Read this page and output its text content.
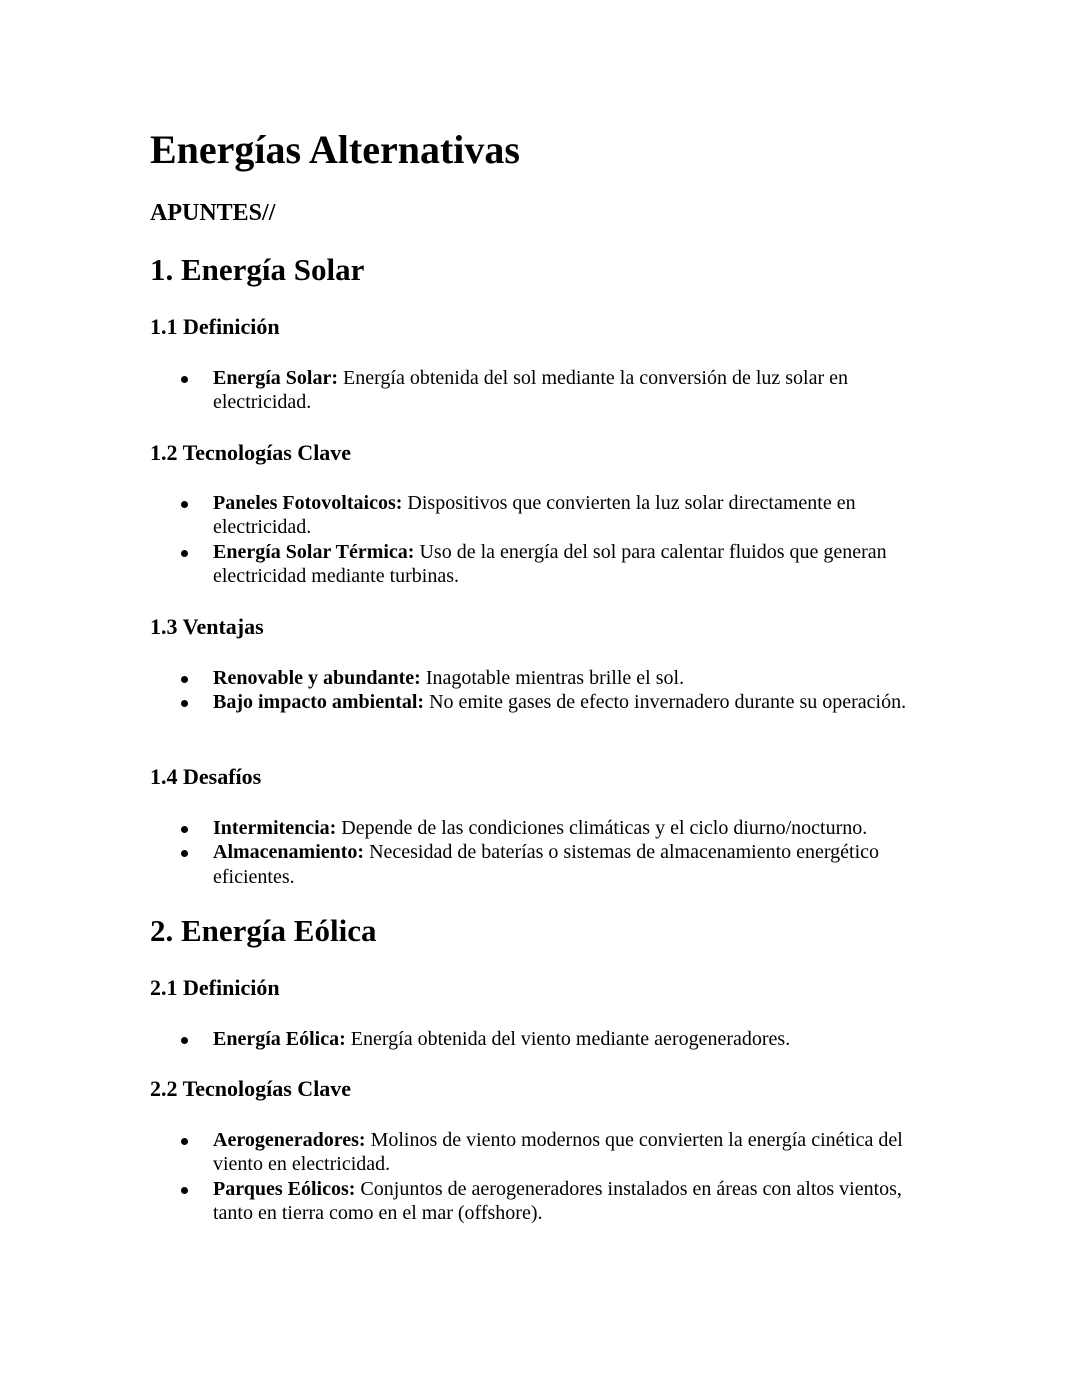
Energías Alternativas

APUNTES//

1. Energía Solar
1.1 Definición
Energía Solar: Energía obtenida del sol mediante la conversión de luz solar en electricidad.
1.2 Tecnologías Clave
Paneles Fotovoltaicos: Dispositivos que convierten la luz solar directamente en electricidad.
Energía Solar Térmica: Uso de la energía del sol para calentar fluidos que generan electricidad mediante turbinas.
1.3 Ventajas
Renovable y abundante: Inagotable mientras brille el sol.
Bajo impacto ambiental: No emite gases de efecto invernadero durante su operación.
1.4 Desafíos
Intermitencia: Depende de las condiciones climáticas y el ciclo diurno/nocturno.
Almacenamiento: Necesidad de baterías o sistemas de almacenamiento energético eficientes.
2. Energía Eólica
2.1 Definición
Energía Eólica: Energía obtenida del viento mediante aerogeneradores.
2.2 Tecnologías Clave
Aerogeneradores: Molinos de viento modernos que convierten la energía cinética del viento en electricidad.
Parques Eólicos: Conjuntos de aerogeneradores instalados en áreas con altos vientos, tanto en tierra como en el mar (offshore).
